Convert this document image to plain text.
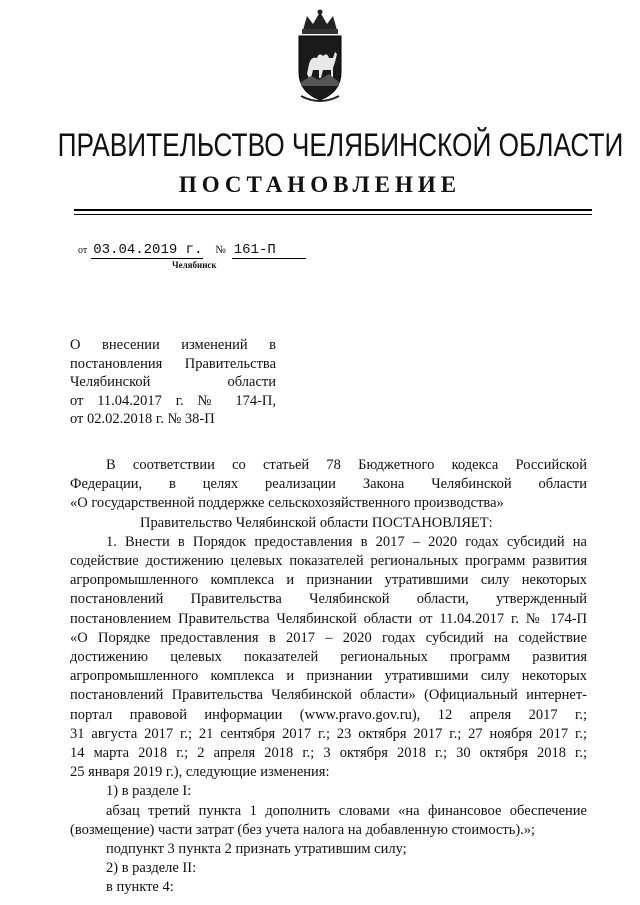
ПРАВИТЕЛЬСТВО ЧЕЛЯБИНСКОЙ ОБЛАСТИ
ПОСТАНОВЛЕНИЕ
от 03.04.2019 г. № 161-П
Челябинск

О внесении изменений в
постановления Правительства
Челябинской области
от 11.04.2017 г. № 174-П,
от 02.02.2018 г. № 38-П

В соответствии со статьей 78 Бюджетного кодекса Российской
Федерации, в целях реализации Закона Челябинской области
«О государственной поддержке сельскохозяйственного производства»
Правительство Челябинской области ПОСТАНОВЛЯЕТ:
1. Внести в Порядок предоставления в 2017 – 2020 годах субсидий на
содействие достижению целевых показателей региональных программ развития
агропромышленного комплекса и признании утратившими силу некоторых
постановлений Правительства Челябинской области, утвержденный
постановлением Правительства Челябинской области от 11.04.2017 г. № 174-П
«О Порядке предоставления в 2017 – 2020 годах субсидий на содействие
достижению целевых показателей региональных программ развития
агропромышленного комплекса и признании утратившими силу некоторых
постановлений Правительства Челябинской области» (Официальный интернет-
портал правовой информации (www.pravo.gov.ru), 12 апреля 2017 г.;
31 августа 2017 г.; 21 сентября 2017 г.; 23 октября 2017 г.; 27 ноября 2017 г.;
14 марта 2018 г.; 2 апреля 2018 г.; 3 октября 2018 г.; 30 октября 2018 г.;
25 января 2019 г.), следующие изменения:
1) в разделе I:
абзац третий пункта 1 дополнить словами «на финансовое обеспечение
(возмещение) части затрат (без учета налога на добавленную стоимость).»;
подпункт 3 пункта 2 признать утратившим силу;
2) в разделе II:
в пункте 4:
